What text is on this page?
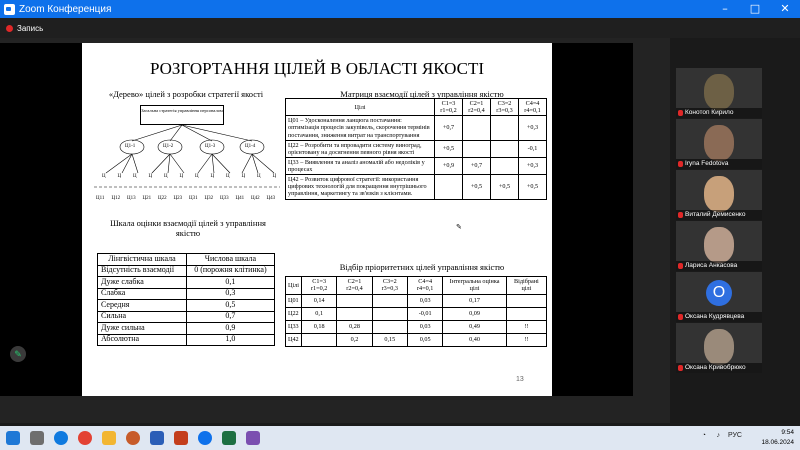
Zoom Конференция	–	□	✕
Запись
РОЗГОРТАННЯ ЦІЛЕЙ В ОБЛАСТІ ЯКОСТІ
«Дерево» цілей з розробки стратегії якості	Матриця взаємодії цілей з управління якістю
Загальна стратегія управління персоналом
Ц1-1	Ц1-2	Ц1-3	Ц1-4
Ц Ц Ц Ц Ц Ц Ц Ц Ц Ц Ц Ц
Ц11 Ц12 Ц13 Ц21 Ц22 Ц23 Ц31 Ц32 Ц33 Ц41 Ц42 Ц43
Шкала оцінки взаємодії цілей з управління якістю
Лінгвістична шкала	Числова шкала
Відсутність взаємодії	0 (порожня клітинка)
Дуже слабка	0,1
Слабка	0,3
Середня	0,5
Сильна	0,7
Дуже сильна	0,9
Абсолютна	1,0
Цілі	C1=3 r1=0,2	C2=1 r2=0,4	C3=2 r3=0,3	C4=4 r4=0,1
Ц01 – Удосконалення ланцюга постачання: оптимізація процесів закупівель, скорочення термінів постачання, зниження витрат на транспортування	+0,7			+0,3
Ц22 – Розробити та впровадити систему виноград, орієнтовану на досягнення певного рівня якості	+0,5			-0,1
Ц33 – Виявлення та аналіз аномалій або недоліків у процесах	+0,9	+0,7		+0,3
Ц42 – Розвиток цифрової стратегії: використання цифрових технологій для покращення внутрішнього управління, маркетингу та зв'язків з клієнтами.		+0,5	+0,5	+0,5
Відбір пріоритетних цілей управління якістю
Цілі	C1=3 r1=0,2	C2=1 r2=0,4	C3=2 r3=0,3	C4=4 r4=0,1	Інтегральна оцінка цілі	Відібрані цілі
Ц01	0,14			0,03	0,17	
Ц22	0,1			-0,01	0,09	
Ц33	0,18	0,28		0,03	0,49	!!
Ц42		0,2	0,15	0,05	0,40	!!
13
✎
✎
Конотоп Кирило
Iryna Fedotova
Виталий Демисенко
Лариса Анкасова
О
Оксана Кудрявцева
Оксана Кривобрюко
9:54
18.06.2024
РУС
♪
◔
